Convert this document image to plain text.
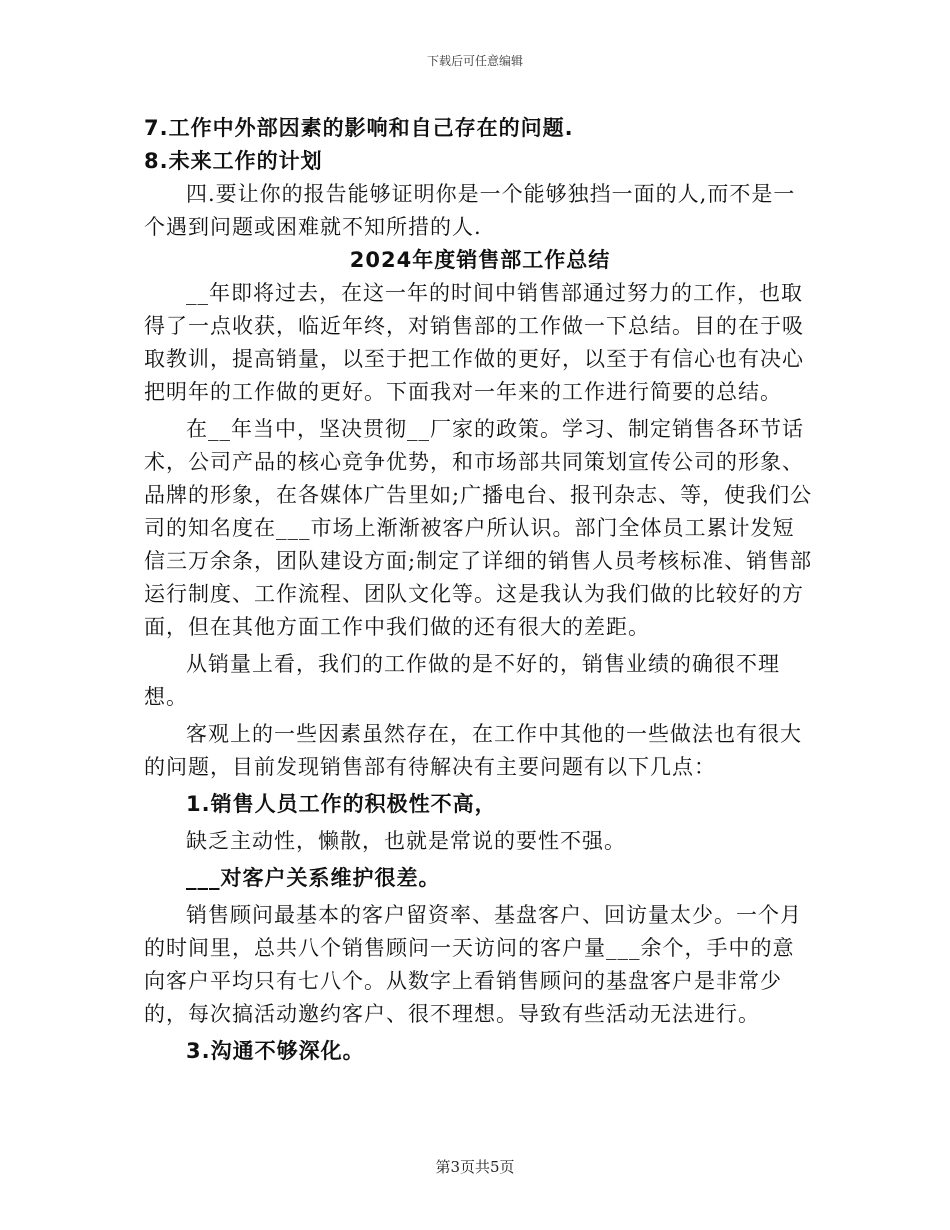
下载后可任意编辑

7.工作中外部因素的影响和自己存在的问题.

8.未来工作的计划

四.要让你的报告能够证明你是一个能够独挡一面的人,而不是一个遇到问题或困难就不知所措的人.

2024年度销售部工作总结

__年即将过去，在这一年的时间中销售部通过努力的工作，也取得了一点收获，临近年终，对销售部的工作做一下总结。目的在于吸取教训，提高销量，以至于把工作做的更好，以至于有信心也有决心把明年的工作做的更好。下面我对一年来的工作进行简要的总结。

在__年当中，坚决贯彻__厂家的政策。学习、制定销售各环节话术，公司产品的核心竞争优势，和市场部共同策划宣传公司的形象、品牌的形象，在各媒体广告里如;广播电台、报刊杂志、等，使我们公司的知名度在___市场上渐渐被客户所认识。部门全体员工累计发短信三万余条，团队建设方面;制定了详细的销售人员考核标准、销售部运行制度、工作流程、团队文化等。这是我认为我们做的比较好的方面，但在其他方面工作中我们做的还有很大的差距。

从销量上看，我们的工作做的是不好的，销售业绩的确很不理想。

客观上的一些因素虽然存在，在工作中其他的一些做法也有很大的问题，目前发现销售部有待解决有主要问题有以下几点：

1.销售人员工作的积极性不高，

缺乏主动性，懒散，也就是常说的要性不强。

___对客户关系维护很差。

销售顾问最基本的客户留资率、基盘客户、回访量太少。一个月的时间里，总共八个销售顾问一天访问的客户量___余个，手中的意向客户平均只有七八个。从数字上看销售顾问的基盘客户是非常少的，每次搞活动邀约客户、很不理想。导致有些活动无法进行。

3.沟通不够深化。

第3页共5页
